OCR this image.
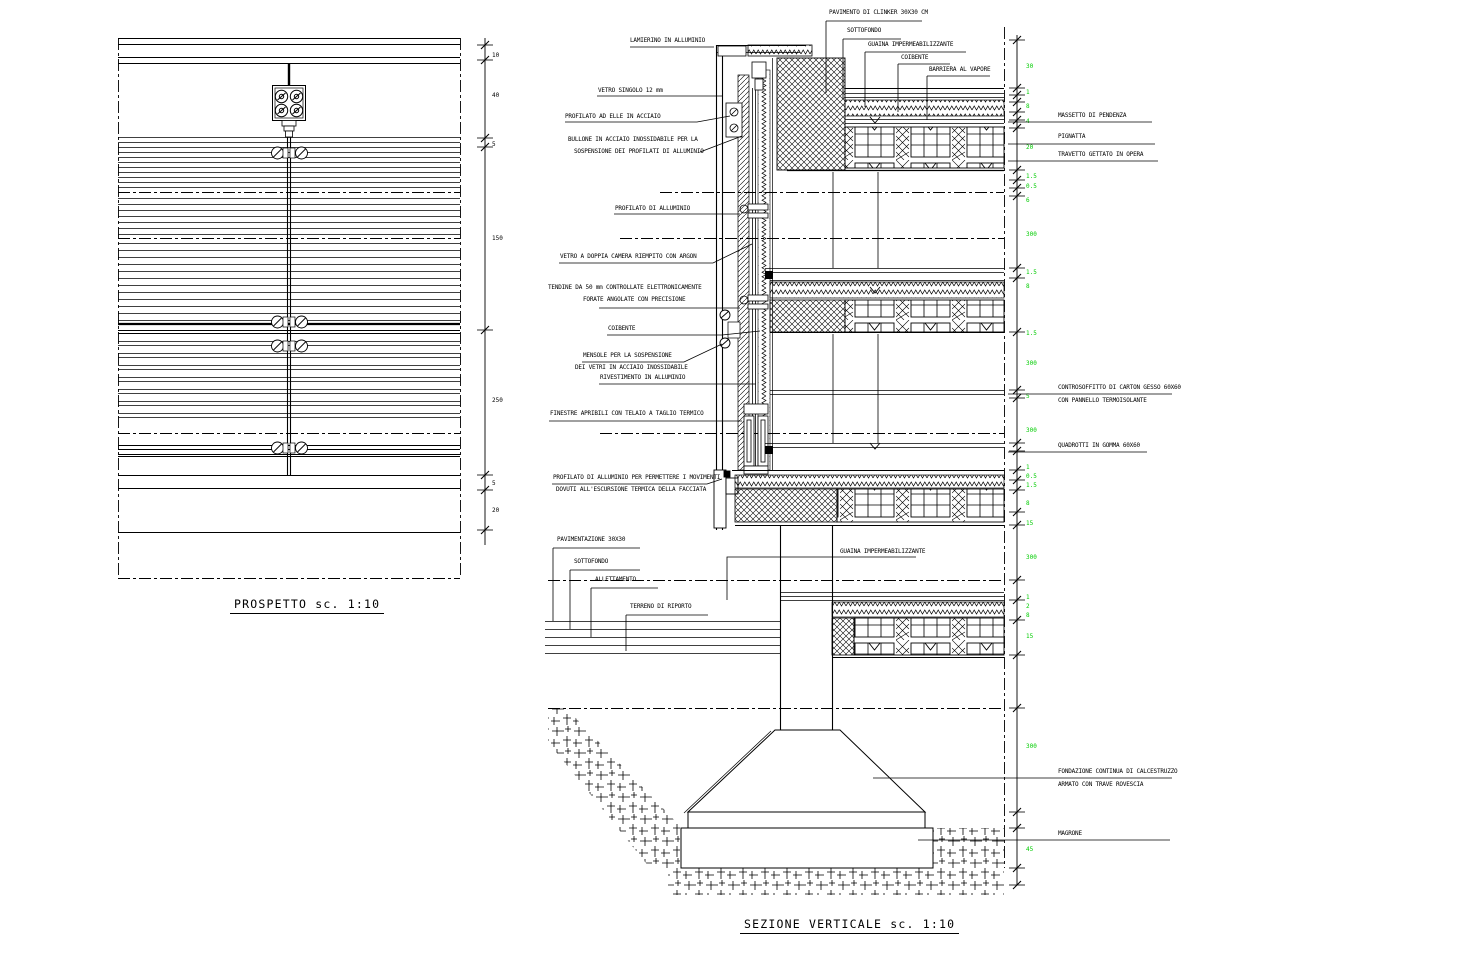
10
40
5
150
250
5
20
30
1
8
4
20
1.5
0.5
6
300
1.5
8
1.5
300
5
300
1
0.5
1.5
8
15
300
1
2
8
15
300
45
PAVIMENTO DI CLINKER 30X30 CM
SOTTOFONDO
GUAINA IMPERMEABILIZZANTE
COIBENTE
BARRIERA AL VAPORE
LAMIERINO IN ALLUMINIO
VETRO SINGOLO 12 mm
PROFILATO AD ELLE IN ACCIAIO
BULLONE IN ACCIAIO INOSSIDABILE PER LA
SOSPENSIONE DEI PROFILATI DI ALLUMINIO
PROFILATO DI ALLUMINIO
VETRO A DOPPIA CAMERA RIEMPITO CON ARGON
TENDINE DA 50 mm CONTROLLATE ELETTRONICAMENTE
FORATE ANGOLATE CON PRECISIONE
COIBENTE
MENSOLE PER LA SOSPENSIONE
DEI VETRI IN ACCIAIO INOSSIDABILE
RIVESTIMENTO IN ALLUMINIO
FINESTRE APRIBILI CON TELAIO A TAGLIO TERMICO
PROFILATO DI ALLUMINIO PER PERMETTERE I MOVIMENTI
DOVUTI ALL'ESCURSIONE TERMICA DELLA FACCIATA
PAVIMENTAZIONE 30X30
SOTTOFONDO
ALLETTAMENTO
TERRENO DI RIPORTO
GUAINA IMPERMEABILIZZANTE
MASSETTO DI PENDENZA
PIGNATTA
TRAVETTO GETTATO IN OPERA
CONTROSOFFITTO DI CARTON GESSO 60X60
CON PANNELLO TERMOISOLANTE
QUADROTTI IN GOMMA 60X60
FONDAZIONE CONTINUA DI CALCESTRUZZO
ARMATO CON TRAVE ROVESCIA
MAGRONE
PROSPETTO sc. 1:10
SEZIONE VERTICALE sc. 1:10
